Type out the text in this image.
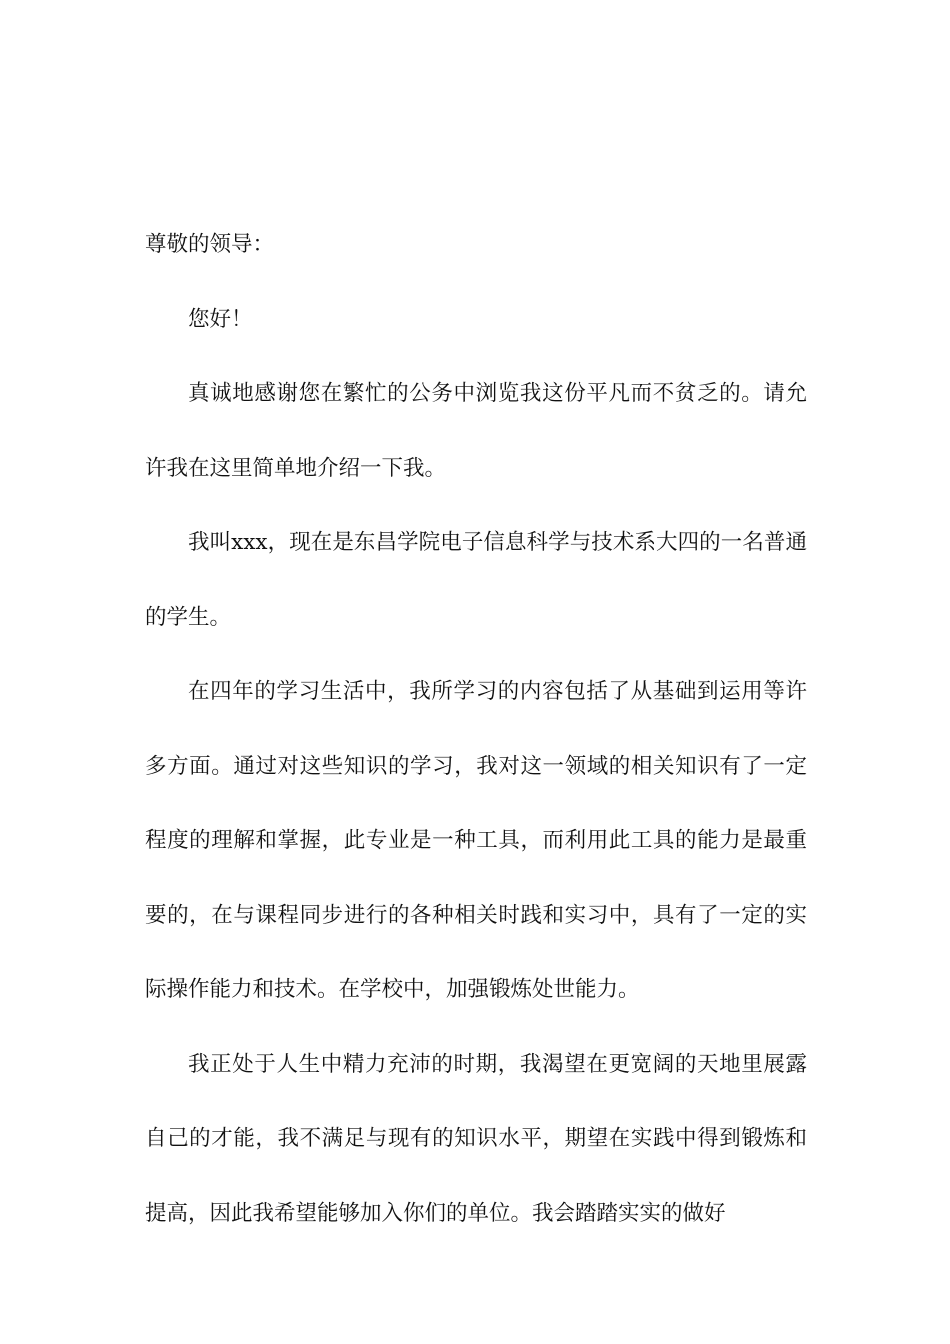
尊敬的领导：

您好！

真诚地感谢您在繁忙的公务中浏览我这份平凡而不贫乏的。请允许我在这里简单地介绍一下我。

我叫xxx，现在是东昌学院电子信息科学与技术系大四的一名普通的学生。

在四年的学习生活中，我所学习的内容包括了从基础到运用等许多方面。通过对这些知识的学习，我对这一领域的相关知识有了一定程度的理解和掌握，此专业是一种工具，而利用此工具的能力是最重要的，在与课程同步进行的各种相关时践和实习中，具有了一定的实际操作能力和技术。在学校中，加强锻炼处世能力。

我正处于人生中精力充沛的时期，我渴望在更宽阔的天地里展露自己的才能，我不满足与现有的知识水平，期望在实践中得到锻炼和提高，因此我希望能够加入你们的单位。我会踏踏实实的做好
